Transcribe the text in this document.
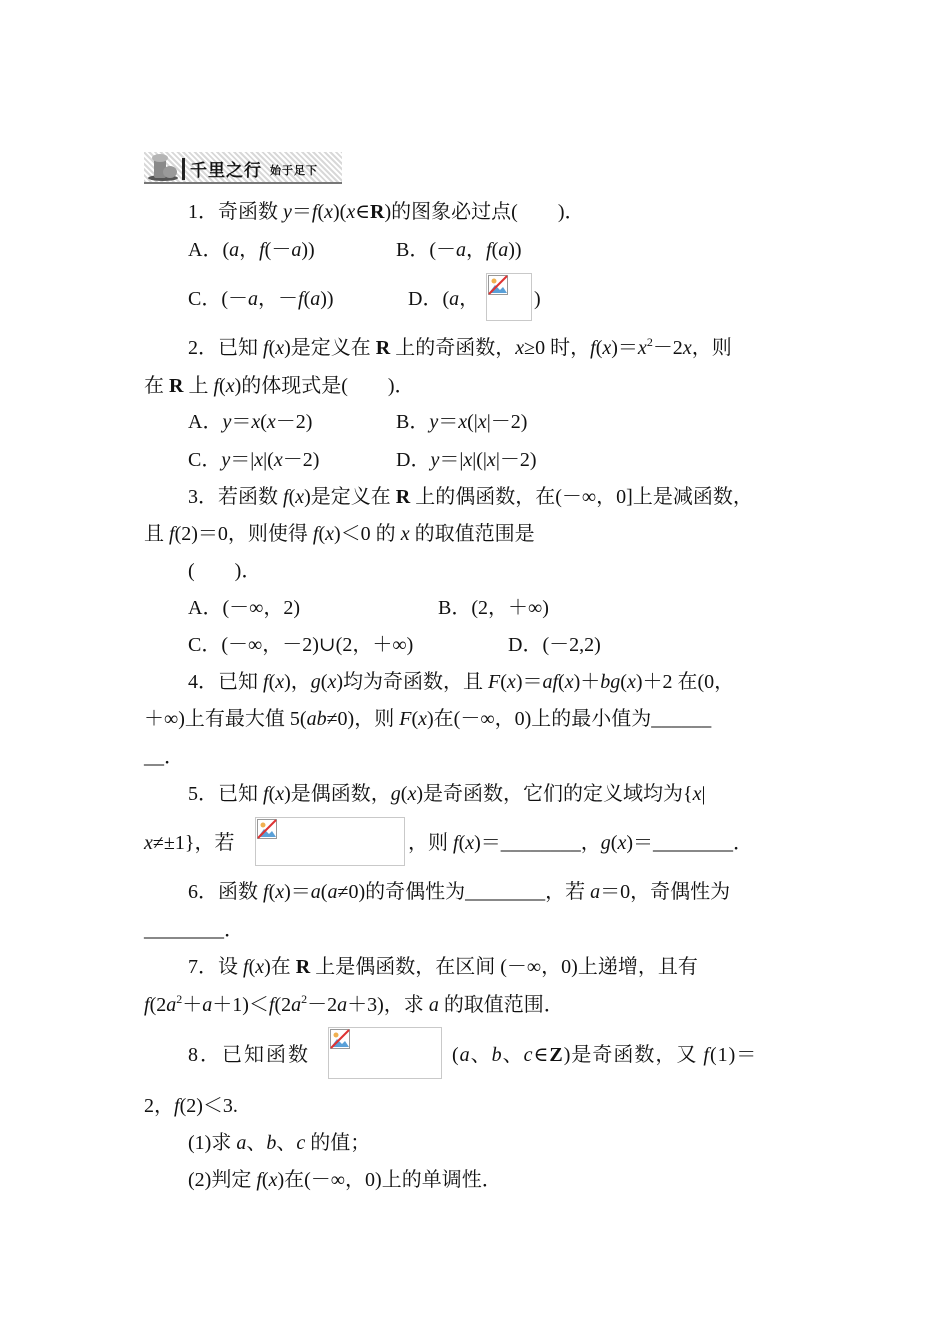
千里之行 始于足下
1．奇函数 y＝f(x)(x∈R)的图象必过点(　　)．
A．(a，f(－a))	B．(－a，f(a))
C．(－a，－f(a))	D．(a，	)
2．已知 f(x)是定义在 R 上的奇函数，x≥0 时，$f(x)=x^2-2x$，则
在 R 上 f(x)的体现式是(　　)．
A．y＝x(x－2)	B．y＝x(|x|－2)
C．y＝|x|(x－2)	D．y＝|x|(|x|－2)
3．若函数 f(x)是定义在 R 上的偶函数，在(－∞，0]上是减函数，
且 f(2)＝0，则使得 f(x)＜0 的 x 的取值范围是
(　　)．
A．(－∞，2)	B．(2，＋∞)
C．(－∞，－2)∪(2，＋∞)	D．(－2,2)
4．已知 f(x)，g(x)均为奇函数，且 F(x)＝af(x)＋bg(x)＋2 在(0，
＋∞)上有最大值 5(ab≠0)，则 F(x)在(－∞，0)上的最小值为______
__．
5．已知 f(x)是偶函数，g(x)是奇函数，它们的定义域均为{x|
x≠±1}，若	，则 f(x)＝________，g(x)＝________．
6．函数 f(x)＝a(a≠0)的奇偶性为________，若 a＝0，奇偶性为
________．
7．设 f(x)在 R 上是偶函数，在区间 (－∞，0)上递增，且有
$f(2a^2+a+1)<f(2a^2-2a+3)$，求 a 的取值范围．
8．已知函数	(a、b、c∈Z)是奇函数，又 f(1)＝
2，f(2)＜3.
(1)求 a、b、c 的值；
(2)判定 f(x)在(－∞，0)上的单调性．
